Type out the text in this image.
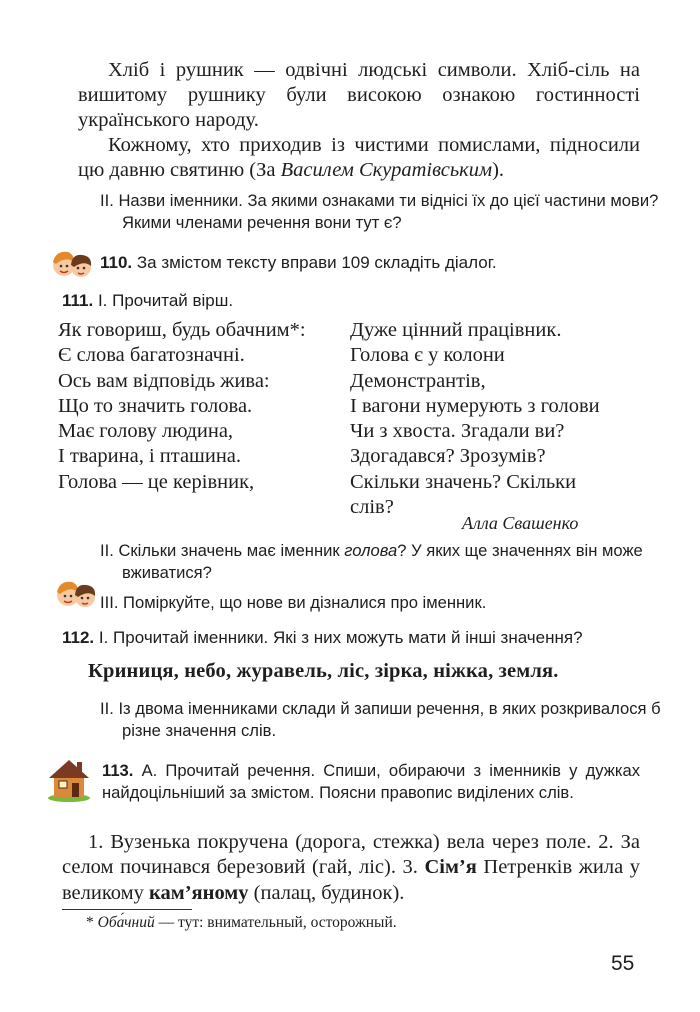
Хліб і рушник — одвічні людські символи. Хліб-сіль на вишитому рушнику були високою ознакою гостинності українського народу.
Кожному, хто приходив із чистими помислами, підносили цю давню святиню (За Василем Скуратівським).
II. Назви іменники. За якими ознаками ти віднісі їх до цієї частини мови? Якими членами речення вони тут є?
110. За змістом тексту вправи 109 складіть діалог.
111. I. Прочитай вірш.
Як говориш, будь обачним*:
Є слова багатозначні.
Ось вам відповідь жива:
Що то значить голова.
Має голову людина,
І тварина, і пташина.
Голова — це керівник,
Дуже цінний працівник.
Голова є у колони
Демонстрантів,
І вагони нумерують з голови
Чи з хвоста. Згадали ви?
Здогадався? Зрозумів?
Скільки значень? Скільки
слів?
Алла Свашенко
II. Скільки значень має іменник голова? У яких ще значеннях він може вживатися?
III. Поміркуйте, що нове ви дізналися про іменник.
112. I. Прочитай іменники. Які з них можуть мати й інші значення?
Криниця, небо, журавель, ліс, зірка, ніжка, земля.
II. Із двома іменниками склади й запиши речення, в яких розкривалося б різне значення слів.
113. А. Прочитай речення. Спиши, обираючи з іменників у дужках найдоцільніший за змістом. Поясни правопис виділених слів.
1. Вузенька покручена (дорога, стежка) вела через поле. 2. За селом починався березовий (гай, ліс). 3. Сім’я Петренків жила у великому кам’яному (палац, будинок).
* Оба́чний — тут: внимательный, осторожный.
55
